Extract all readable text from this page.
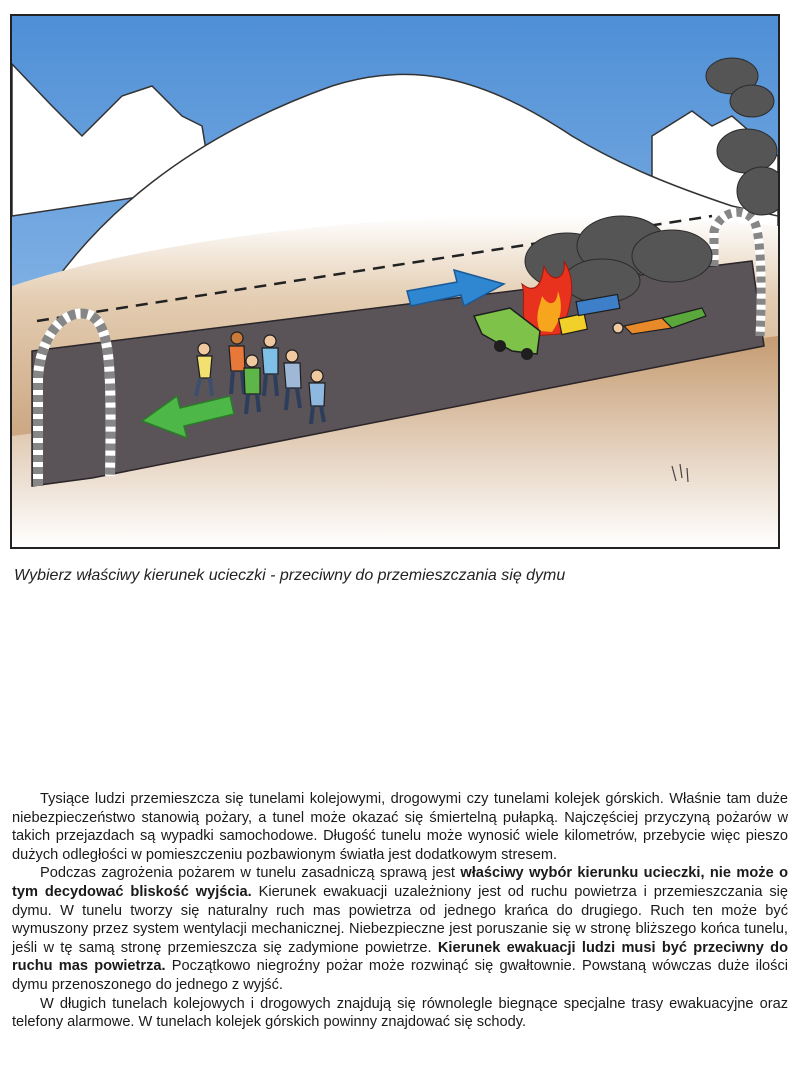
Wybierz właściwy kierunek ucieczki - przeciwny do przemieszczania się dymu

Tysiące ludzi przemieszcza się tunelami kolejowymi, drogowymi czy tunelami kolejek górskich. Właśnie tam duże niebezpieczeństwo stanowią pożary, a tunel może okazać się śmiertelną pułapką. Najczęściej przyczyną pożarów w takich przejazdach są wypadki samochodowe. Długość tunelu może wynosić wiele kilometrów, przebycie więc pieszo dużych odległości w pomieszczeniu pozbawionym światła jest dodatkowym stresem.

Podczas zagrożenia pożarem w tunelu zasadniczą sprawą jest właściwy wybór kierunku ucieczki, nie może o tym decydować bliskość wyjścia. Kierunek ewakuacji uzależniony jest od ruchu powietrza i przemieszczania się dymu. W tunelu tworzy się naturalny ruch mas powietrza od jednego krańca do drugiego. Ruch ten może być wymuszony przez system wentylacji mechanicznej. Niebezpieczne jest poruszanie się w stronę bliższego końca tunelu, jeśli w tę samą stronę przemieszcza się zadymione powietrze. Kierunek ewakuacji ludzi musi być przeciwny do ruchu mas powietrza. Początkowo niegroźny pożar może rozwinąć się gwałtownie. Powstaną wówczas duże ilości dymu przenoszonego do jednego z wyjść.

W długich tunelach kolejowych i drogowych znajdują się równolegle biegnące specjalne trasy ewakuacyjne oraz telefony alarmowe. W tunelach kolejek górskich powinny znajdować się schody.
